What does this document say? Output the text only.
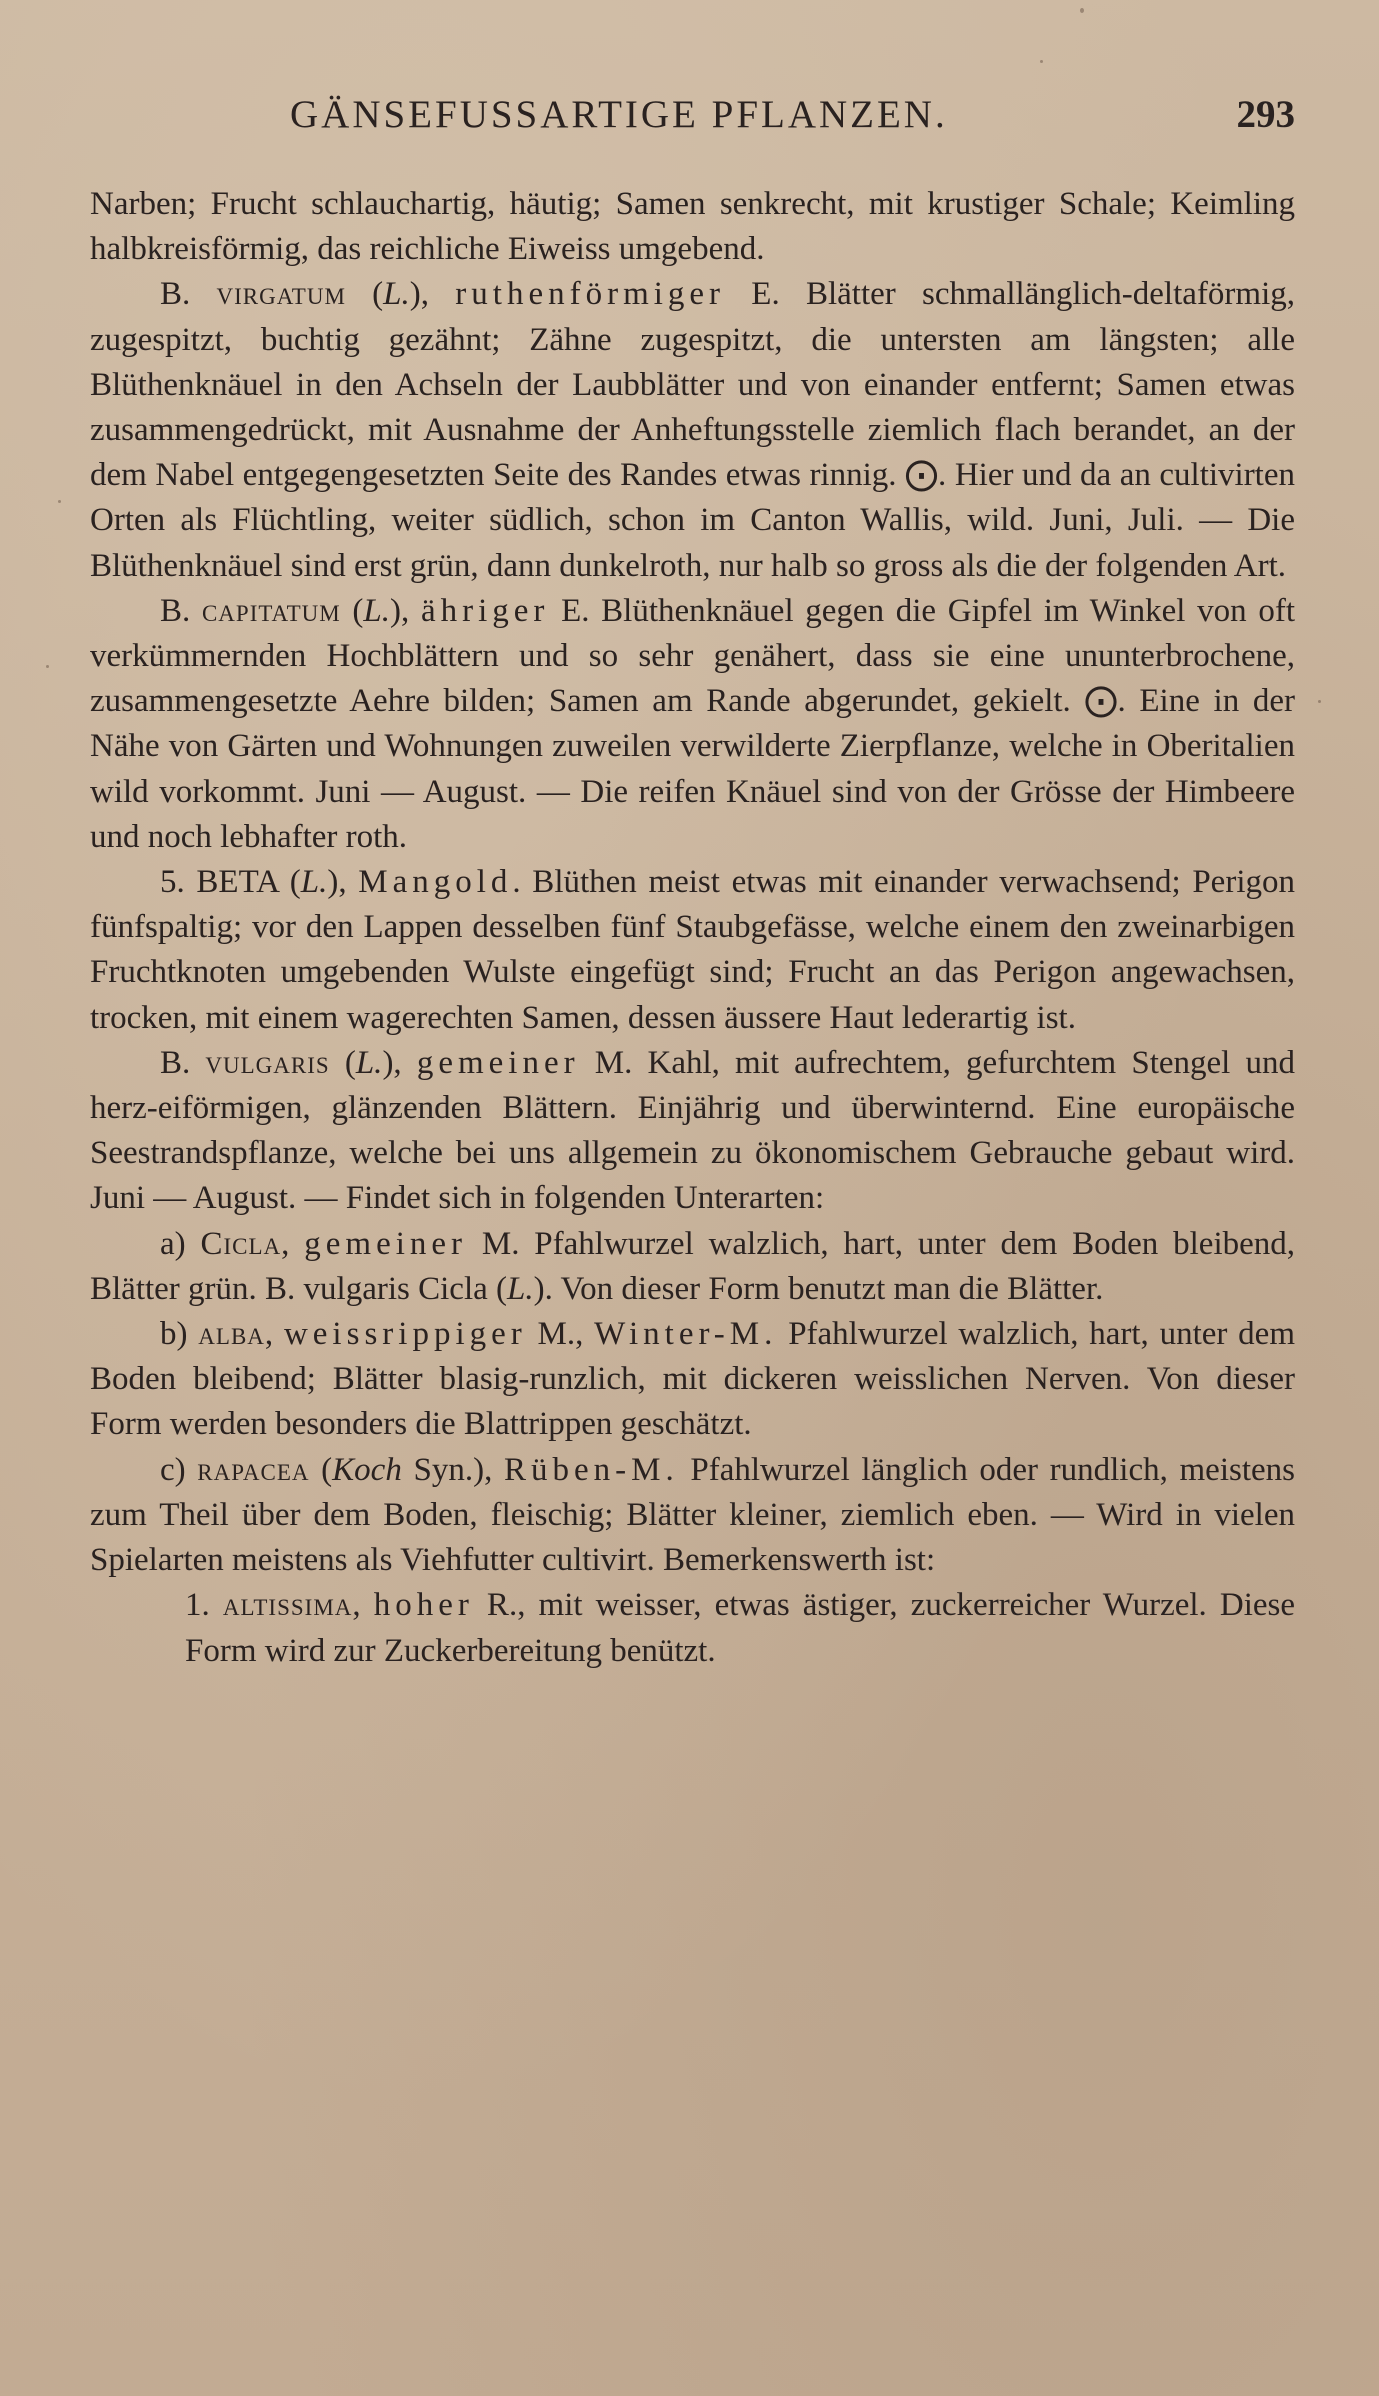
GÄNSEFUSSARTIGE PFLANZEN.	293

Narben; Frucht schlauchartig, häutig; Samen senkrecht, mit krustiger Schale; Keimling halbkreisförmig, das reichliche Eiweiss umgebend.

B. virgatum (L.), ruthenförmiger E. Blätter schmallänglich-deltaförmig, zugespitzt, buchtig gezähnt; Zähne zugespitzt, die untersten am längsten; alle Blüthenknäuel in den Achseln der Laubblätter und von einander entfernt; Samen etwas zusammengedrückt, mit Ausnahme der Anheftungsstelle ziemlich flach berandet, an der dem Nabel entgegengesetzten Seite des Randes etwas rinnig. ⨀. Hier und da an cultivirten Orten als Flüchtling, weiter südlich, schon im Canton Wallis, wild. Juni, Juli. — Die Blüthenknäuel sind erst grün, dann dunkelroth, nur halb so gross als die der folgenden Art.

B. capitatum (L.), ähriger E. Blüthenknäuel gegen die Gipfel im Winkel von oft verkümmernden Hochblättern und so sehr genähert, dass sie eine ununterbrochene, zusammengesetzte Aehre bilden; Samen am Rande abgerundet, gekielt. ⨀. Eine in der Nähe von Gärten und Wohnungen zuweilen verwilderte Zierpflanze, welche in Oberitalien wild vorkommt. Juni — August. — Die reifen Knäuel sind von der Grösse der Himbeere und noch lebhafter roth.

5. BETA (L.), Mangold. Blüthen meist etwas mit einander verwachsend; Perigon fünfspaltig; vor den Lappen desselben fünf Staubgefässe, welche einem den zweinarbigen Fruchtknoten umgebenden Wulste eingefügt sind; Frucht an das Perigon angewachsen, trocken, mit einem wagerechten Samen, dessen äussere Haut lederartig ist.

B. vulgaris (L.), gemeiner M. Kahl, mit aufrechtem, gefurchtem Stengel und herz-eiförmigen, glänzenden Blättern. Einjährig und überwinternd. Eine europäische Seestrandspflanze, welche bei uns allgemein zu ökonomischem Gebrauche gebaut wird. Juni — August. — Findet sich in folgenden Unterarten:

a) Cicla, gemeiner M. Pfahlwurzel walzlich, hart, unter dem Boden bleibend, Blätter grün. B. vulgaris Cicla (L.). Von dieser Form benutzt man die Blätter.

b) alba, weissrippiger M., Winter-M. Pfahlwurzel walzlich, hart, unter dem Boden bleibend; Blätter blasig-runzlich, mit dickeren weisslichen Nerven. Von dieser Form werden besonders die Blattrippen geschätzt.

c) rapacea (Koch Syn.), Rüben-M. Pfahlwurzel länglich oder rundlich, meistens zum Theil über dem Boden, fleischig; Blätter kleiner, ziemlich eben. — Wird in vielen Spielarten meistens als Viehfutter cultivirt. Bemerkenswerth ist:

1. altissima, hoher R., mit weisser, etwas ästiger, zuckerreicher Wurzel. Diese Form wird zur Zuckerbereitung benützt.
